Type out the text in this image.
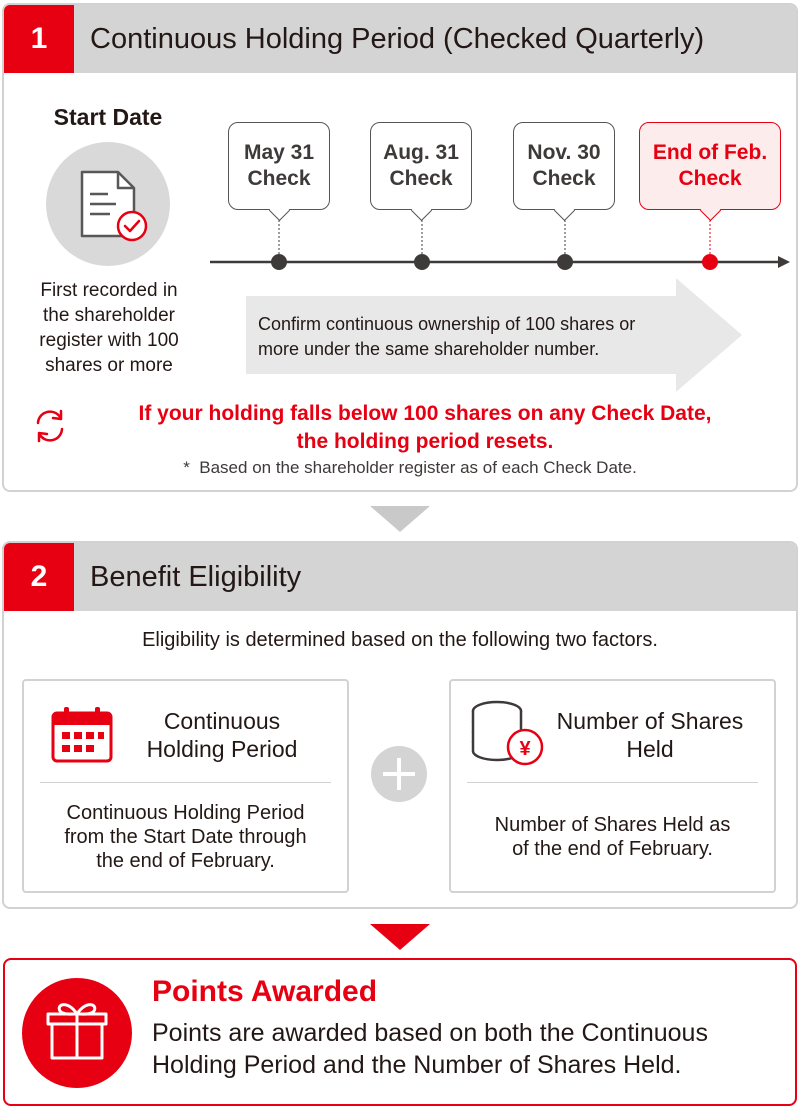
1	Continuous Holding Period (Checked Quarterly)
Start Date
First recorded in
the shareholder
register with 100
shares or more
May 31
Check
Aug. 31
Check
Nov. 30
Check
End of Feb.
Check
Confirm continuous ownership of 100 shares or
more under the same shareholder number.
If your holding falls below 100 shares on any Check Date,
the holding period resets.
* Based on the shareholder register as of each Check Date.
2	Benefit Eligibility
Eligibility is determined based on the following two factors.
Continuous
Holding Period
Continuous Holding Period
from the Start Date through
the end of February.
¥
Number of Shares
Held
Number of Shares Held as
of the end of February.
Points Awarded
Points are awarded based on both the Continuous
Holding Period and the Number of Shares Held.
